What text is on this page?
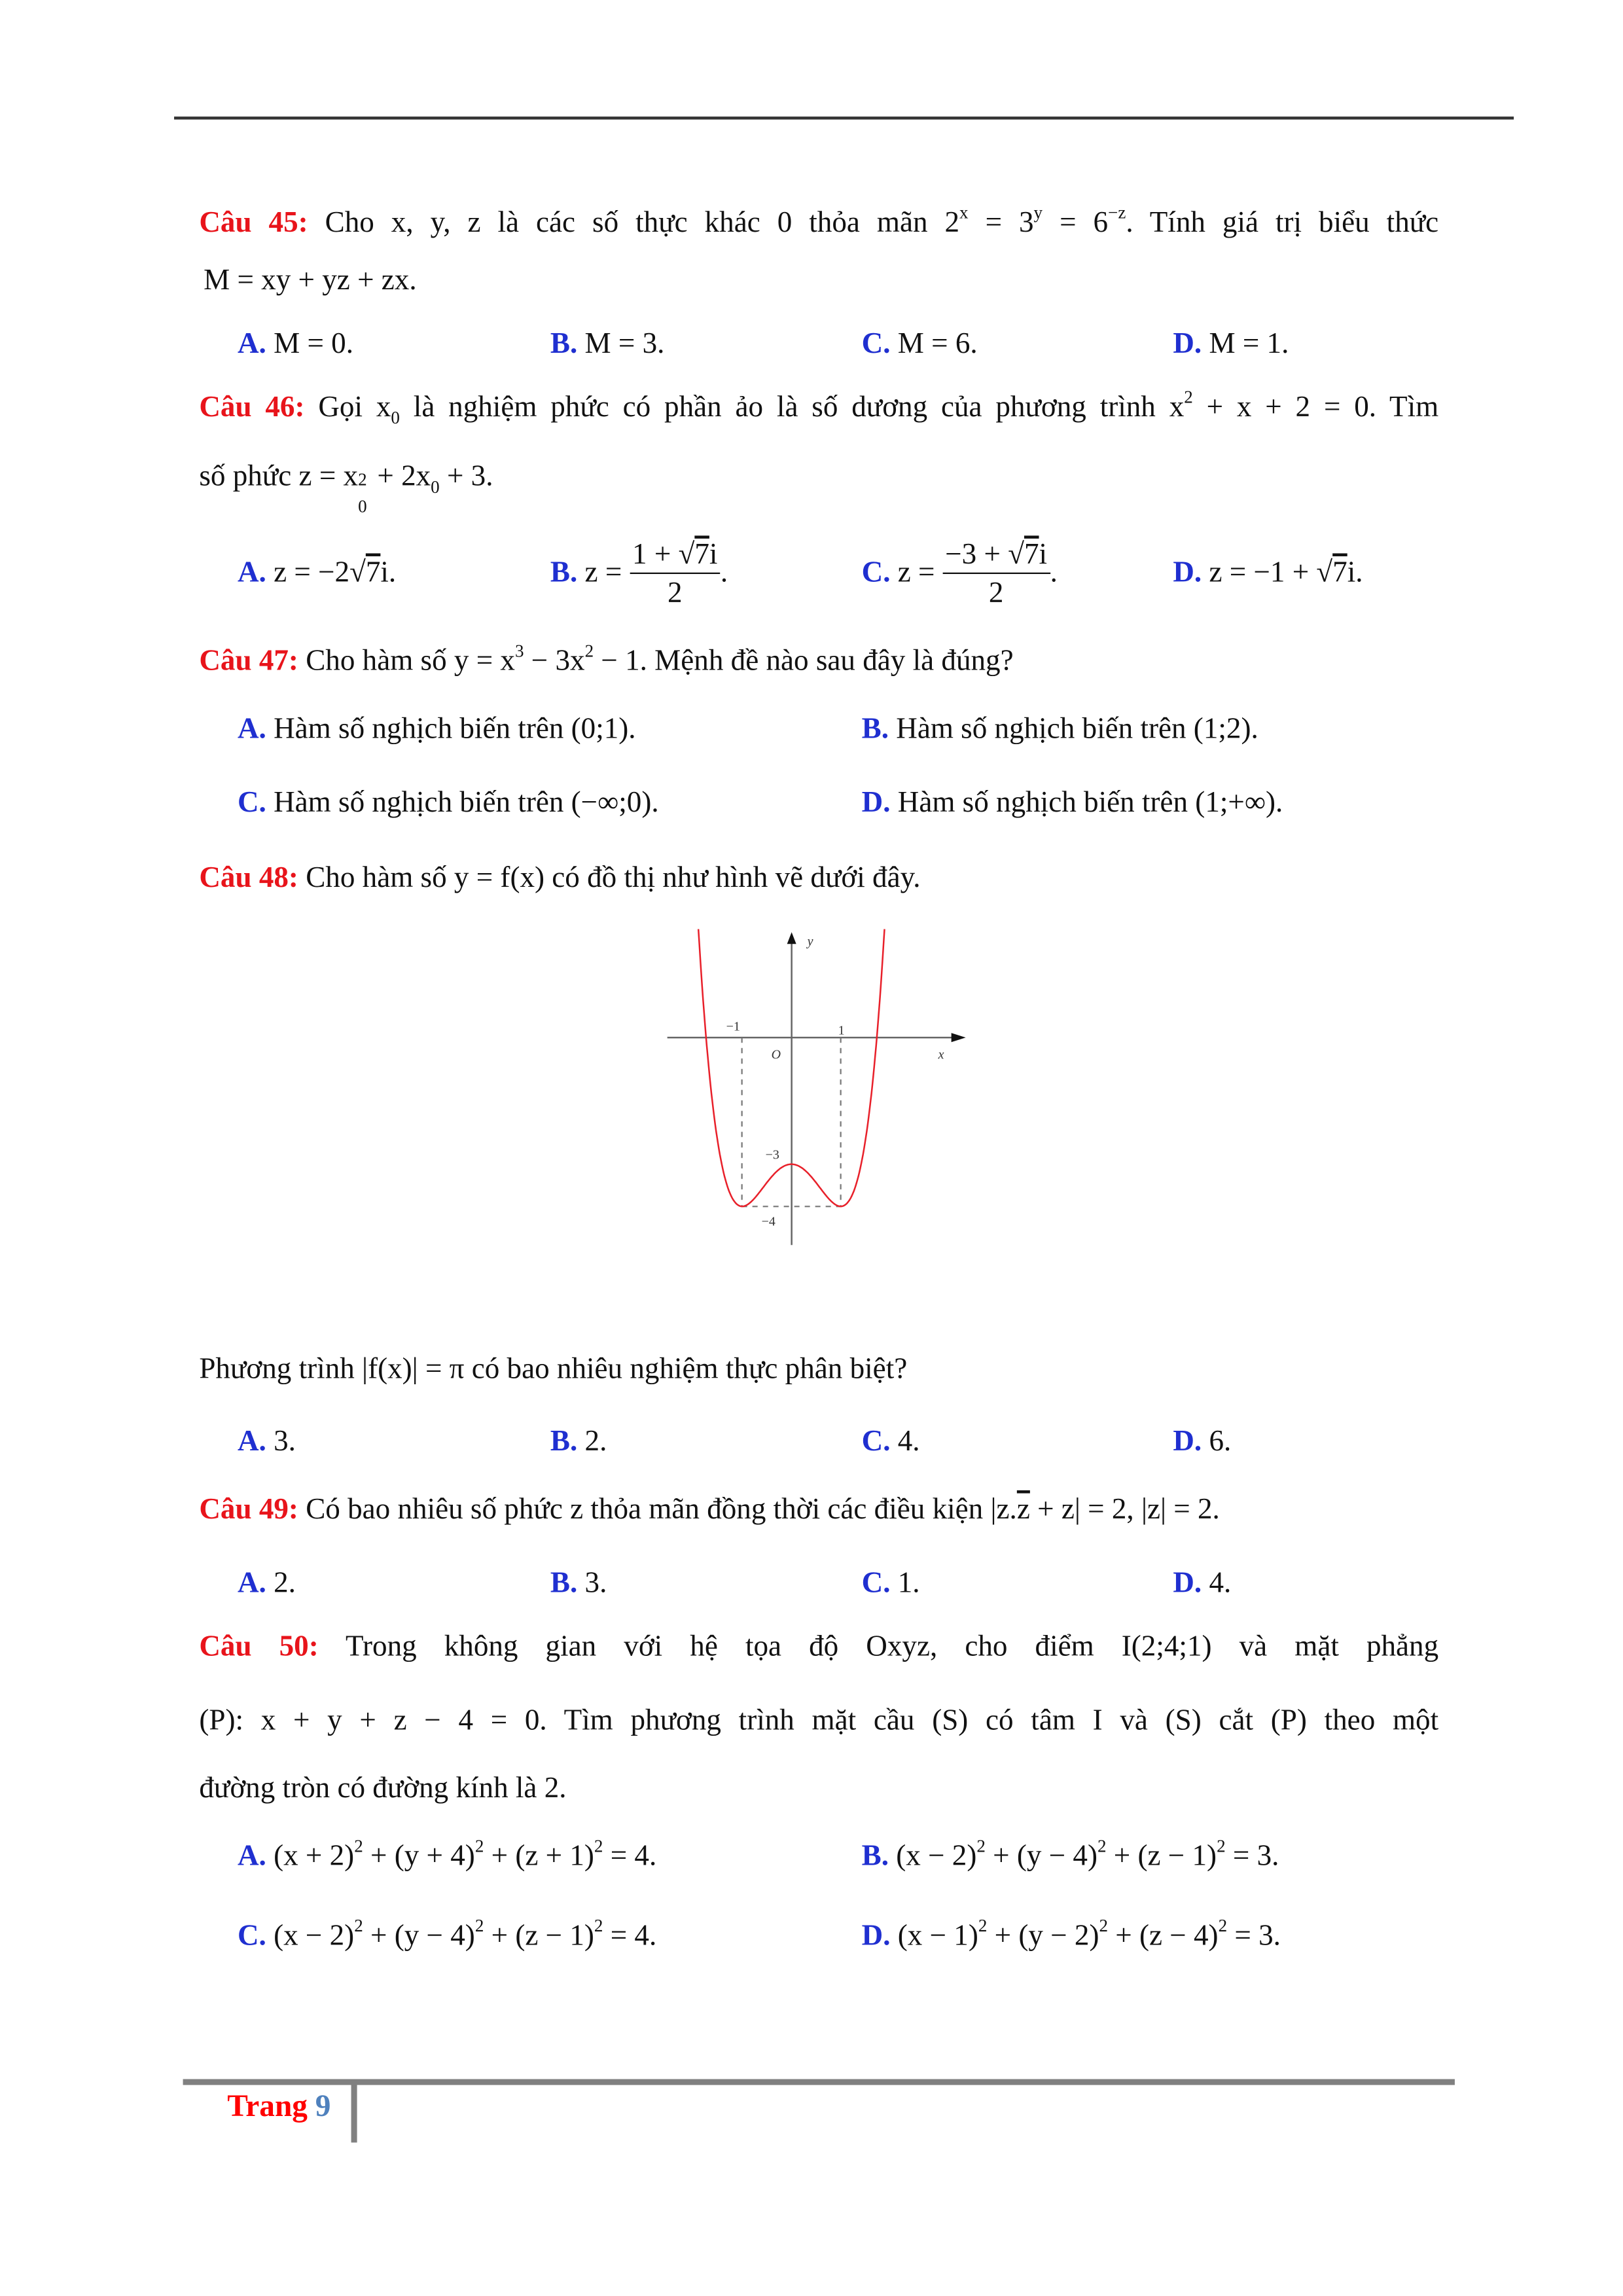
Câu 45: Cho x, y, z là các số thực khác 0 thỏa mãn $2^x = 3^y = 6^{-z}$. Tính giá trị biểu thức
M = xy + yz + zx.
A. M = 0.	B. M = 3.	C. M = 6.	D. M = 1.
Câu 46: Gọi $x_0$ là nghiệm phức có phần ảo là số dương của phương trình $x^2 + x + 2 = 0$. Tìm
số phức z = x 2
0
+ $2x_0 + 3$.
A. z = −2√7i.	B. $z = \frac{1 + √7i}{2}$ .	C. $z = \frac{-3 + √7i}{2}$ .	D. z = −1 + √7i.
Câu 47: Cho hàm số $y = x^3 - 3x^2 - 1$. Mệnh đề nào sau đây là đúng?
A. Hàm số nghịch biến trên (0;1).	B. Hàm số nghịch biến trên (1;2).
C. Hàm số nghịch biến trên (−∞;0).	D. Hàm số nghịch biến trên (1;+∞).
Câu 48: Cho hàm số y = f(x) có đồ thị như hình vẽ dưới đây.
y
x
O
−1	1
−3
−4
Phương trình |f(x)| = π có bao nhiêu nghiệm thực phân biệt?
A. 3.	B. 2.	C. 4.	D. 6.
Câu 49: Có bao nhiêu số phức z thỏa mãn đồng thời các điều kiện $|z.\overline{z} + z| = 2$, |z| = 2.
A. 2.	B. 3.	C. 1.	D. 4.
Câu 50: Trong không gian với hệ tọa độ Oxyz, cho điểm I(2;4;1) và mặt phẳng
(P): x + y + z − 4 = 0. Tìm phương trình mặt cầu (S) có tâm I và (S) cắt (P) theo một
đường tròn có đường kính là 2.
A. $(x + 2)^2 + (y + 4)^2 + (z + 1)^2 = 4$.	B. $(x - 2)^2 + (y - 4)^2 + (z - 1)^2 = 3$.
C. $(x - 2)^2 + (y - 4)^2 + (z - 1)^2 = 4$.	D. $(x - 1)^2 + (y - 2)^2 + (z - 4)^2 = 3$.
Trang 9
